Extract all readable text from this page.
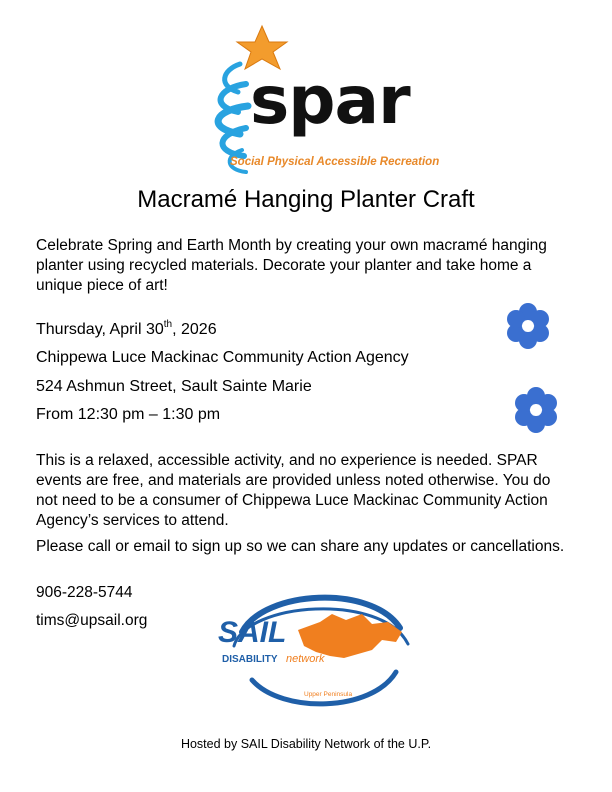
spar
Social Physical Accessible Recreation
Macramé Hanging Planter Craft
Celebrate Spring and Earth Month by creating your own macramé hanging planter using recycled materials. Decorate your planter and take home a unique piece of art!
Thursday, April 30th, 2026
Chippewa Luce Mackinac Community Action Agency
524 Ashmun Street, Sault Sainte Marie
From 12:30 pm – 1:30 pm
This is a relaxed, accessible activity, and no experience is needed. SPAR events are free, and materials are provided unless noted otherwise. You do not need to be a consumer of Chippewa Luce Mackinac Community Action Agency’s services to attend.
Please call or email to sign up so we can share any updates or cancellations.
906-228-5744
tims@upsail.org SAIL
DISABILITY network
Upper Peninsula
Hosted by SAIL Disability Network of the U.P.
